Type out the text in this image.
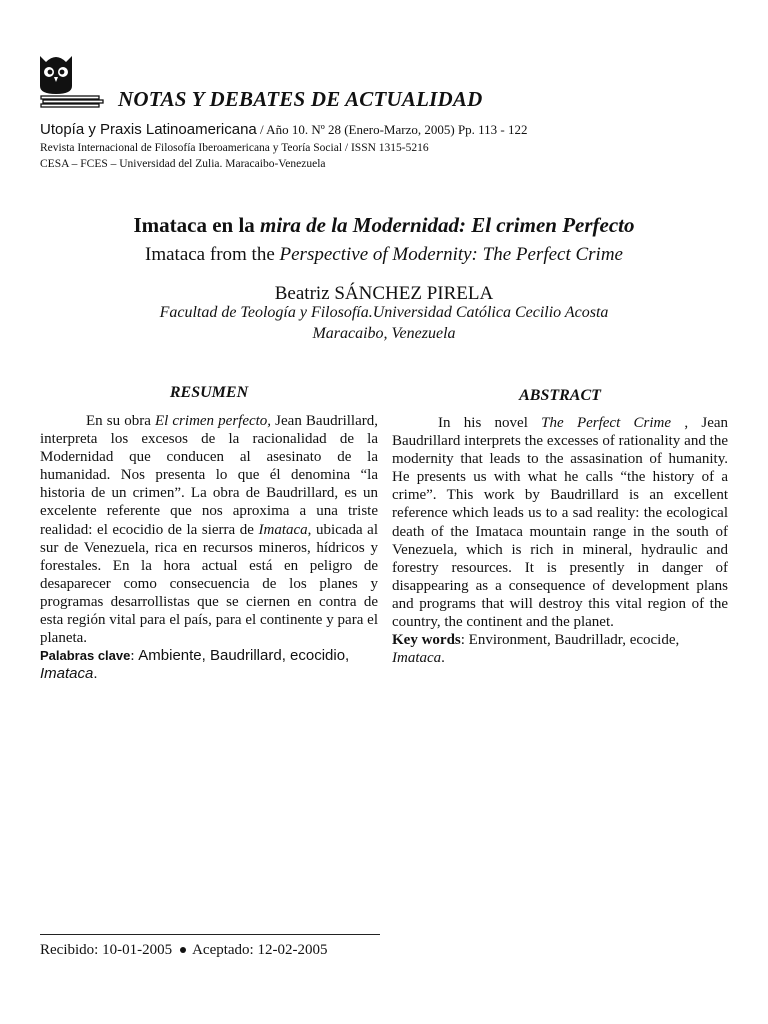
NOTAS Y DEBATES DE ACTUALIDAD
Utopía y Praxis Latinoamericana / Año 10. Nº 28 (Enero-Marzo, 2005) Pp. 113 - 122
Revista Internacional de Filosofía Iberoamericana y Teoría Social / ISSN 1315-5216
CESA – FCES – Universidad del Zulia. Maracaibo-Venezuela
Imataca en la mira de la Modernidad: El crimen Perfecto
Imataca from the Perspective of Modernity: The Perfect Crime
Beatriz SÁNCHEZ PIRELA
Facultad de Teología y Filosofía.Universidad Católica Cecilio Acosta
Maracaibo, Venezuela
RESUMEN

En su obra El crimen perfecto, Jean Baudrillard, interpreta los excesos de la racionalidad de la Modernidad que conducen al asesinato de la humanidad. Nos presenta lo que él denomina “la historia de un crimen”. La obra de Baudrillard, es un excelente referente que nos aproxima a una triste realidad: el ecocidio de la sierra de Imataca, ubicada al sur de Venezuela, rica en recursos mineros, hídricos y forestales. En la hora actual está en peligro de desaparecer como consecuencia de los planes y programas desarrollistas que se ciernen en contra de esta región vital para el país, para el continente y para el planeta.

Palabras clave: Ambiente, Baudrillard, ecocidio, Imataca.

ABSTRACT

In his novel The Perfect Crime , Jean Baudrillard interprets the excesses of rationality and the modernity that leads to the assasination of humanity. He presents us with what he calls “the history of a crime”. This work by Baudrillard is an excellent reference which leads us to a sad reality: the ecological death of the Imataca mountain range in the south of Venezuela, which is rich in mineral, hydraulic and forestry resources. It is presently in danger of disappearing as a consequence of development plans and programs that will destroy this vital region of the country, the continent and the planet.

Key words: Environment, Baudrilladr, ecocide,
Imataca.

Recibido: 10-01-2005 Aceptado: 12-02-2005
